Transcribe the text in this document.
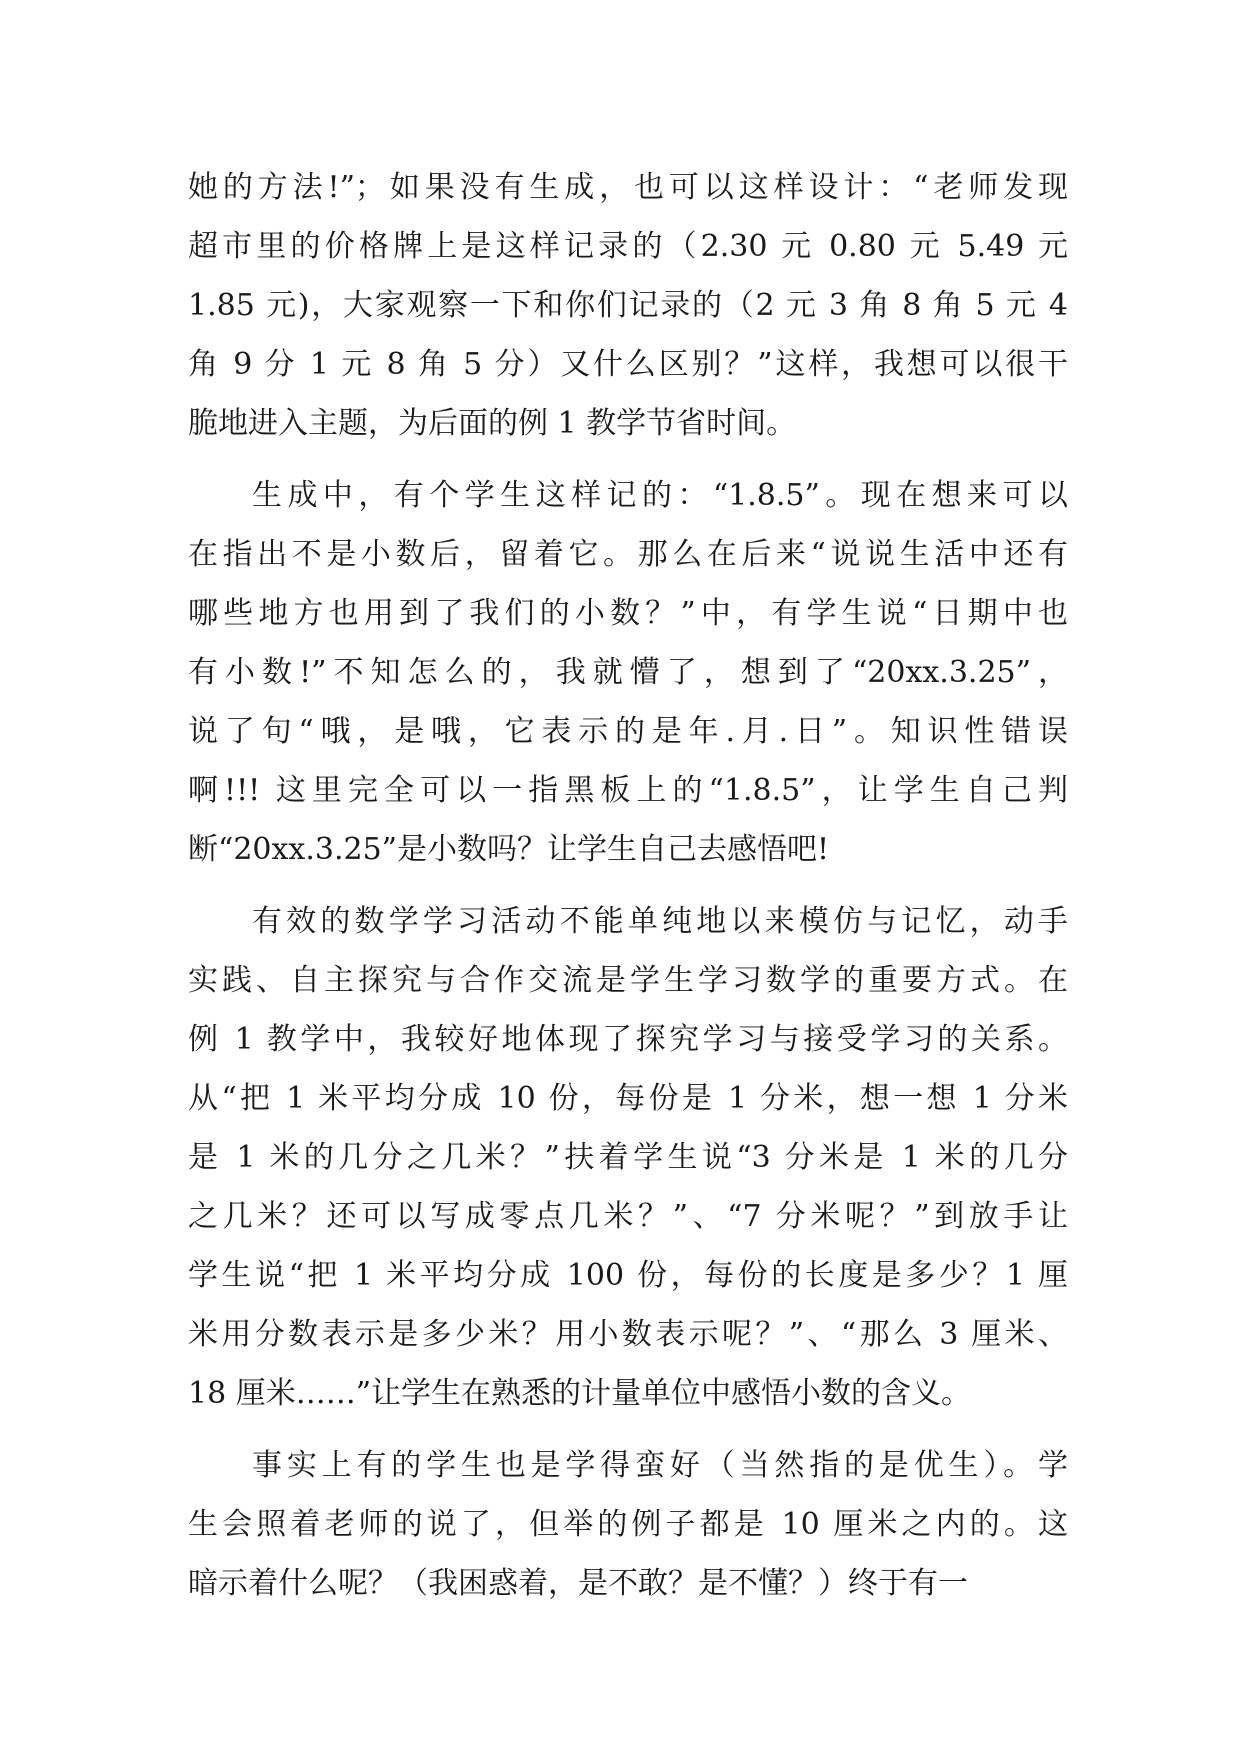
她的方法!”；如果没有生成，也可以这样设计：“老师发现
超市里的价格牌上是这样记录的（2.30 元 0.80 元 5.49 元
1.85 元)，大家观察一下和你们记录的（2 元 3 角 8 角 5 元 4
角 9 分 1 元 8 角 5 分）又什么区别？”这样，我想可以很干
脆地进入主题，为后面的例 1 教学节省时间。
生成中，有个学生这样记的：“1.8.5”。现在想来可以
在指出不是小数后，留着它。那么在后来“说说生活中还有
哪些地方也用到了我们的小数？”中，有学生说“日期中也
有小数!”不知怎么的，我就懵了，想到了“20xx.3.25”，
说了句“哦，是哦，它表示的是年.月.日”。知识性错误
啊!!! 这里完全可以一指黑板上的“1.8.5”，让学生自己判
断“20xx.3.25”是小数吗？让学生自己去感悟吧!
有效的数学学习活动不能单纯地以来模仿与记忆，动手
实践、自主探究与合作交流是学生学习数学的重要方式。在
例 1 教学中，我较好地体现了探究学习与接受学习的关系。
从“把 1 米平均分成 10 份，每份是 1 分米，想一想 1 分米
是 1 米的几分之几米？”扶着学生说“3 分米是 1 米的几分
之几米？还可以写成零点几米？”、“7 分米呢？”到放手让
学生说“把 1 米平均分成 100 份，每份的长度是多少？1 厘
米用分数表示是多少米？用小数表示呢？”、“那么 3 厘米、
18 厘米……”让学生在熟悉的计量单位中感悟小数的含义。
事实上有的学生也是学得蛮好（当然指的是优生）。学
生会照着老师的说了，但举的例子都是 10 厘米之内的。这
暗示着什么呢？（我困惑着，是不敢？是不懂？）终于有一
